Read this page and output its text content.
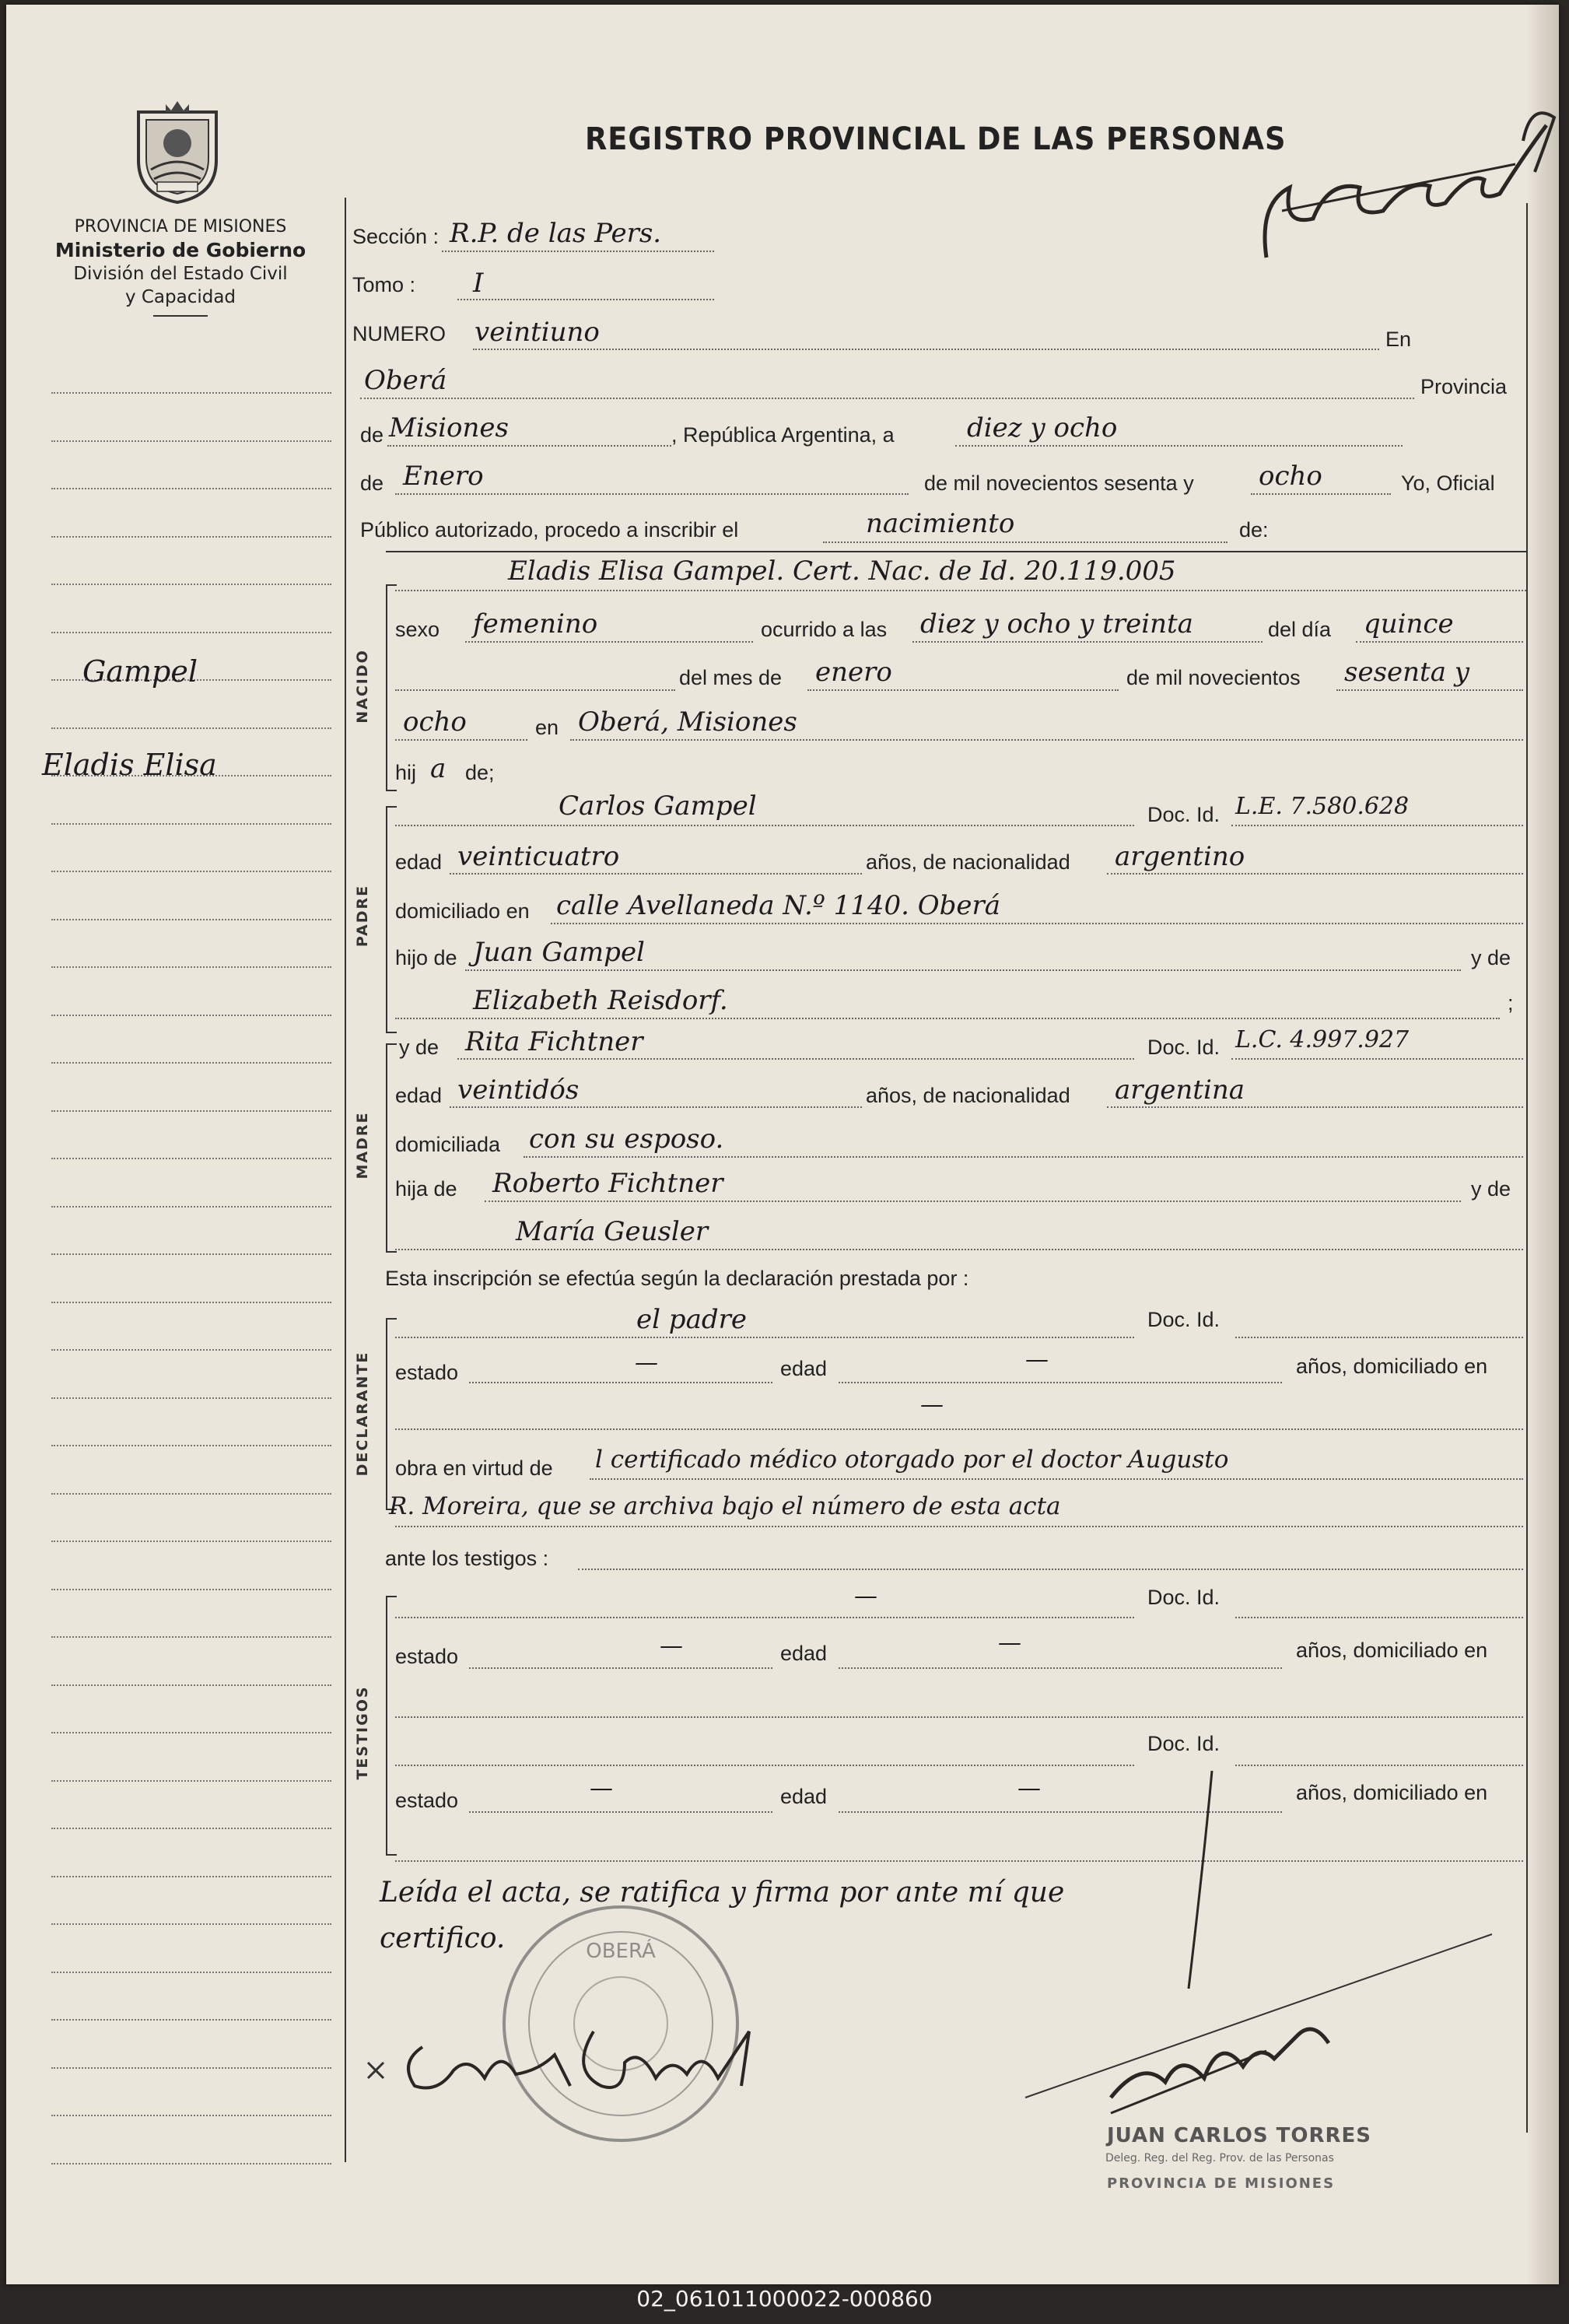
PROVINCIA DE MISIONES
Ministerio de Gobierno
División del Estado Civil
y Capacidad
Gampel
Eladis Elisa
REGISTRO PROVINCIAL DE LAS PERSONAS
Sección : R.P. de las Pers.
Tomo : I
NUMERO veintiuno	En
Oberá	Provincia
de Misiones	, República Argentina, a	diez y ocho
de Enero	de mil novecientos sesenta y ocho	Yo, Oficial
Público autorizado, procedo a inscribir el	nacimiento	de:
NACIDO
Eladis Elisa Gampel. Cert. Nac. de Id. 20.119.005
sexo femenino	ocurrido a las diez y ocho y treinta	del día quince
del mes de enero	de mil novecientos sesenta y
ocho	en Oberá, Misiones
hij a de;
PADRE
Carlos Gampel	Doc. Id. L.E. 7.580.628
edad veinticuatro	años, de nacionalidad argentino
domiciliado en calle Avellaneda N.º 1140. Oberá
hijo de Juan Gampel	y de
Elizabeth Reisdorf.	;
MADRE
y de Rita Fichtner	Doc. Id. L.C. 4.997.927
edad veintidós	años, de nacionalidad argentina
domiciliada con su esposo.
hija de Roberto Fichtner	y de
María Geusler
Esta inscripción se efectúa según la declaración prestada por :
DECLARANTE
el padre	Doc. Id.
estado	—	edad	—	años, domiciliado en
—
obra en virtud de l certificado médico otorgado por el doctor Augusto
R. Moreira, que se archiva bajo el número de esta acta
ante los testigos :
TESTIGOS
—	Doc. Id.
estado	—	edad	—	años, domiciliado en
Doc. Id.
estado	—	edad	—	años, domiciliado en
Leída el acta, se ratifica y firma por ante mí que
certifico.	OBERÁ
JUAN CARLOS TORRES
Deleg. Reg. del Reg. Prov. de las Personas
PROVINCIA DE MISIONES
02_061011000022-000860
